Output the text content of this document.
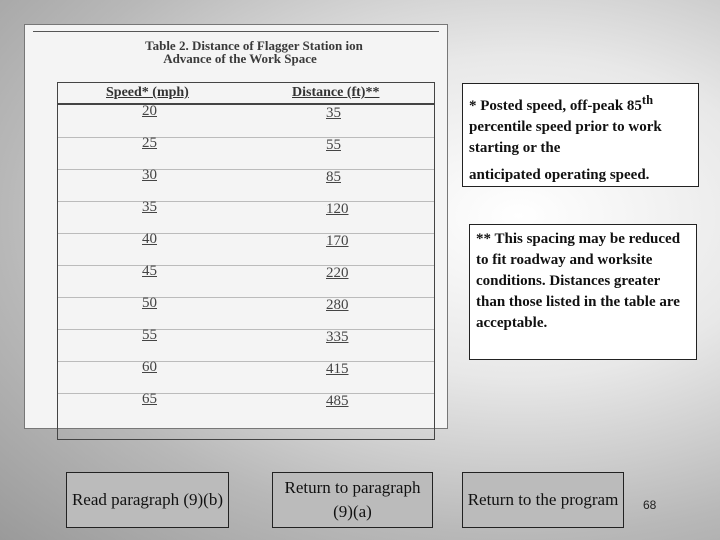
Table 2. Distance of Flagger Station ion
Advance of the Work Space
Speed* (mph)	Distance (ft)**
20	35
25	55
30	85
35	120
40	170
45	220
50	280
55	335
60	415
65	485
* Posted speed, off-peak 85th percentile speed prior to work starting or the
anticipated operating speed.
** This spacing may be reduced to fit roadway and worksite conditions. Distances greater than those listed in the table are acceptable.
Read paragraph (9)(b)
Return to paragraph (9)(a)
Return to the program 68
